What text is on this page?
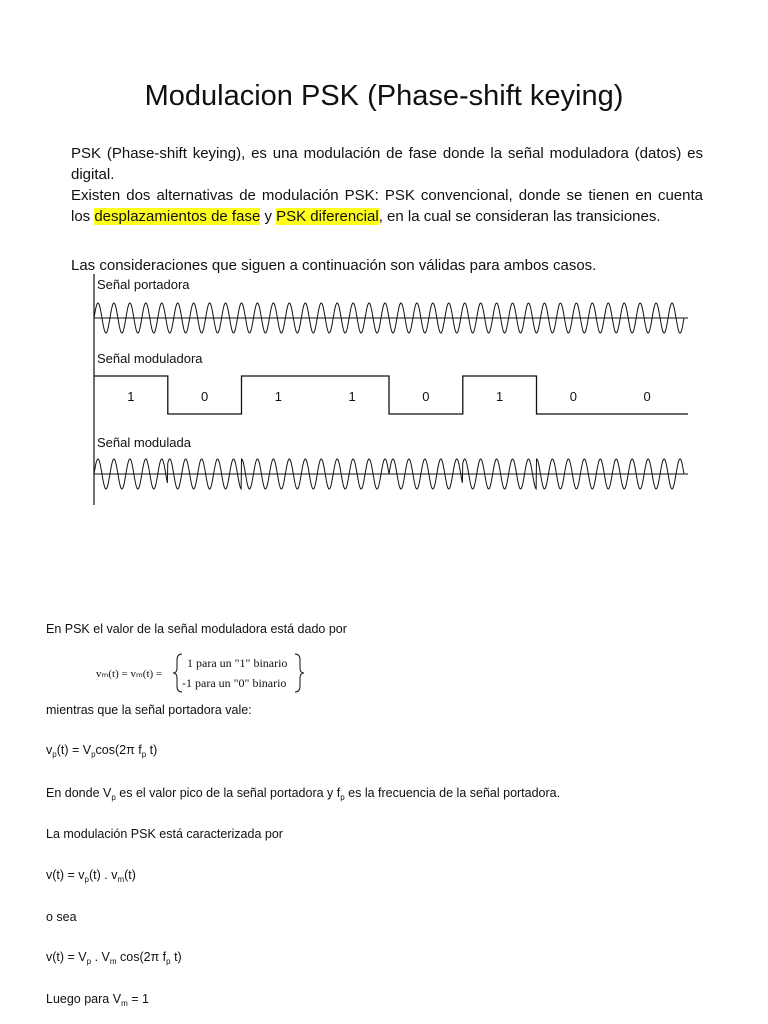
Modulacion PSK (Phase-shift keying)
PSK (Phase-shift keying), es una modulación de fase donde la señal moduladora (datos) es digital.
Existen dos alternativas de modulación PSK: PSK convencional, donde se tienen en cuenta los desplazamientos de fase y PSK diferencial, en la cual se consideran las transiciones.
Las consideraciones que siguen a continuación son válidas para ambos casos.
Señal portadora
Señal moduladora
1	0	1	1	0	1	0	0
Señal modulada
En PSK el valor de la señal moduladora está dado por
vₘ(t) = vₘ(t) =
1 para un "1" binario
-1 para un "0" binario
mientras que la señal portadora vale:
$v_p(t) = V_p\cos(2\pi$ $f_p$ t)
En donde $V_p$ es el valor pico de la señal portadora y $f_p$ es la frecuencia de la señal portadora.
La modulación PSK está caracterizada por
$v(t) = v_p(t)$ . $v_m(t)$
o sea
$v(t) = V_p$ . $V_m$ cos(2π $f_p$ t)
Luego para $V_m = 1$
